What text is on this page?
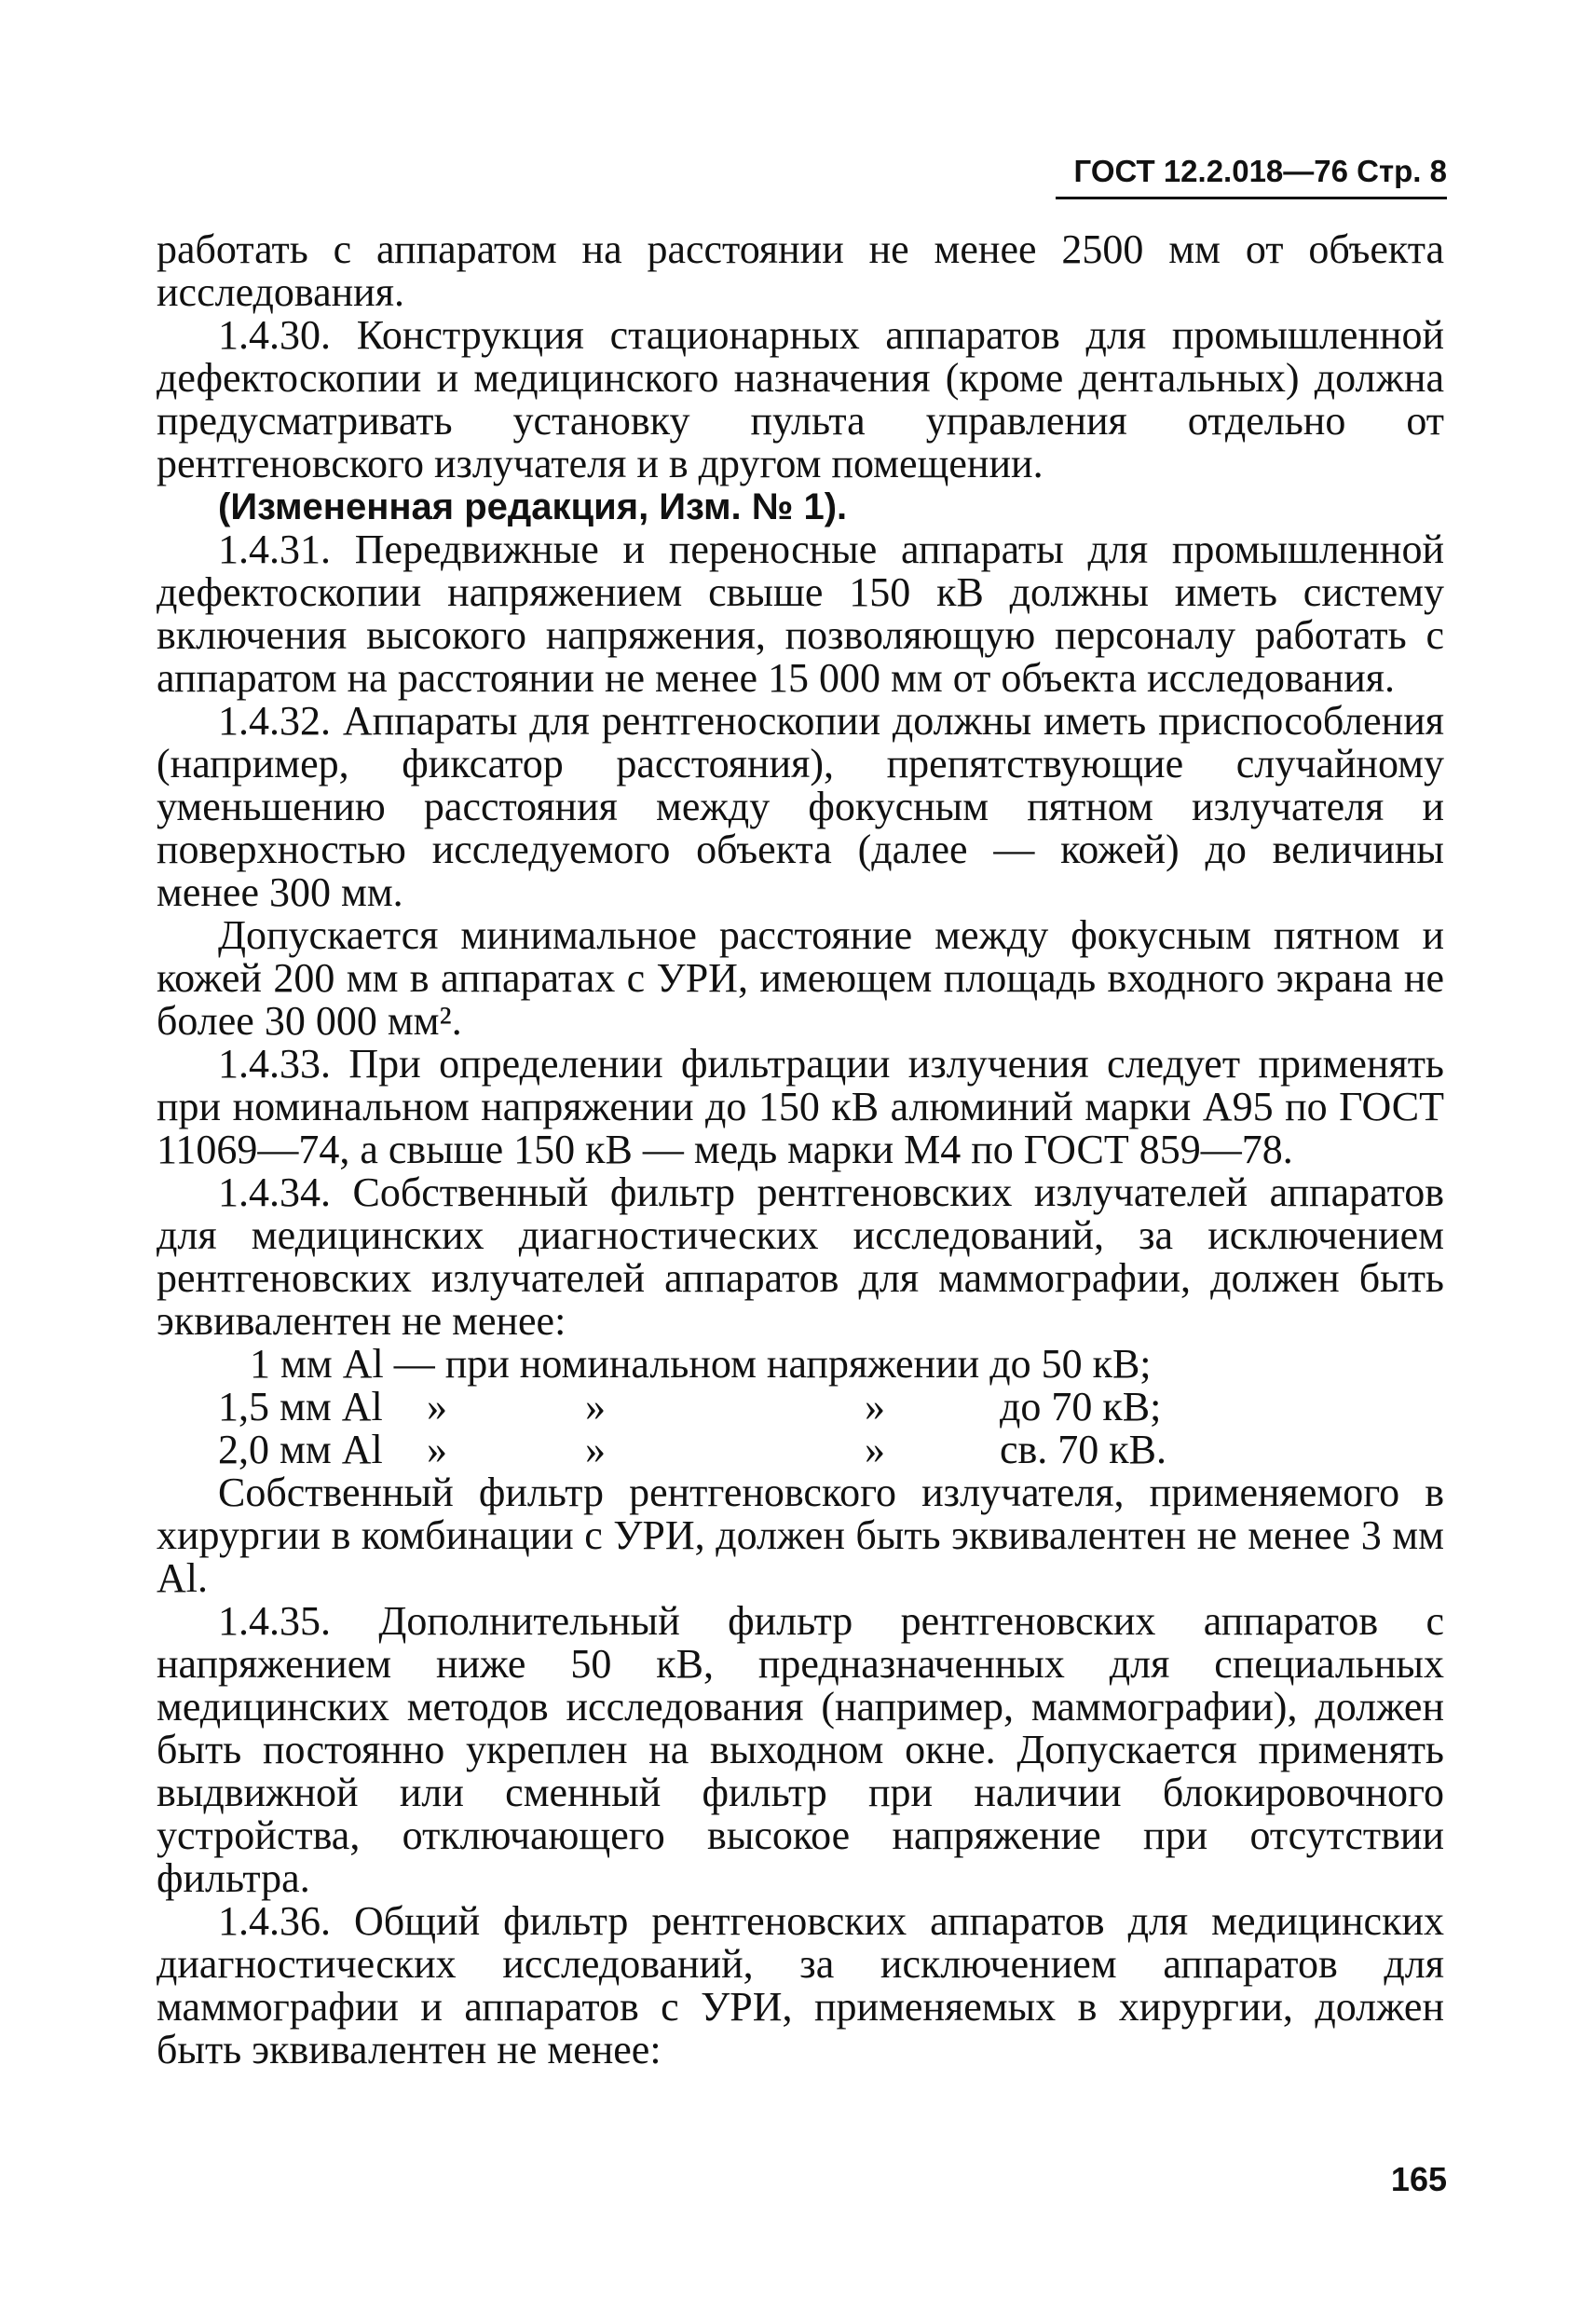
ГОСТ 12.2.018—76 Стр. 8

работать с аппаратом на расстоянии не менее 2500 мм от объекта исследования.

1.4.30. Конструкция стационарных аппаратов для промышленной дефектоскопии и медицинского назначения (кроме дентальных) должна предусматривать установку пульта управления отдельно от рентгеновского излучателя и в другом помещении.

(Измененная редакция, Изм. № 1).

1.4.31. Передвижные и переносные аппараты для промышленной дефектоскопии напряжением свыше 150 кВ должны иметь систему включения высокого напряжения, позволяющую персоналу работать с аппаратом на расстоянии не менее 15 000 мм от объекта исследования.

1.4.32. Аппараты для рентгеноскопии должны иметь приспособления (например, фиксатор расстояния), препятствующие случайному уменьшению расстояния между фокусным пятном излучателя и поверхностью исследуемого объекта (далее — кожей) до величины менее 300 мм.

Допускается минимальное расстояние между фокусным пятном и кожей 200 мм в аппаратах с УРИ, имеющем площадь входного экрана не более 30 000 мм².

1.4.33. При определении фильтрации излучения следует применять при номинальном напряжении до 150 кВ алюминий марки А95 по ГОСТ 11069—74, а свыше 150 кВ — медь марки М4 по ГОСТ 859—78.

1.4.34. Собственный фильтр рентгеновских излучателей аппаратов для медицинских диагностических исследований, за исключением рентгеновских излучателей аппаратов для маммографии, должен быть эквивалентен не менее:

1 мм Al — при номинальном напряжении до 50 кВ;

1,5 мм Al	»	»	»	до 70 кВ;
2,0 мм Al	»	»	»	св. 70 кВ.

Собственный фильтр рентгеновского излучателя, применяемого в хирургии в комбинации с УРИ, должен быть эквивалентен не менее 3 мм Al.

1.4.35. Дополнительный фильтр рентгеновских аппаратов с напряжением ниже 50 кВ, предназначенных для специальных медицинских методов исследования (например, маммографии), должен быть постоянно укреплен на выходном окне. Допускается применять выдвижной или сменный фильтр при наличии блокировочного устройства, отключающего высокое напряжение при отсутствии фильтра.

1.4.36. Общий фильтр рентгеновских аппаратов для медицинских диагностических исследований, за исключением аппаратов для маммографии и аппаратов с УРИ, применяемых в хирургии, должен быть эквивалентен не менее:

165
